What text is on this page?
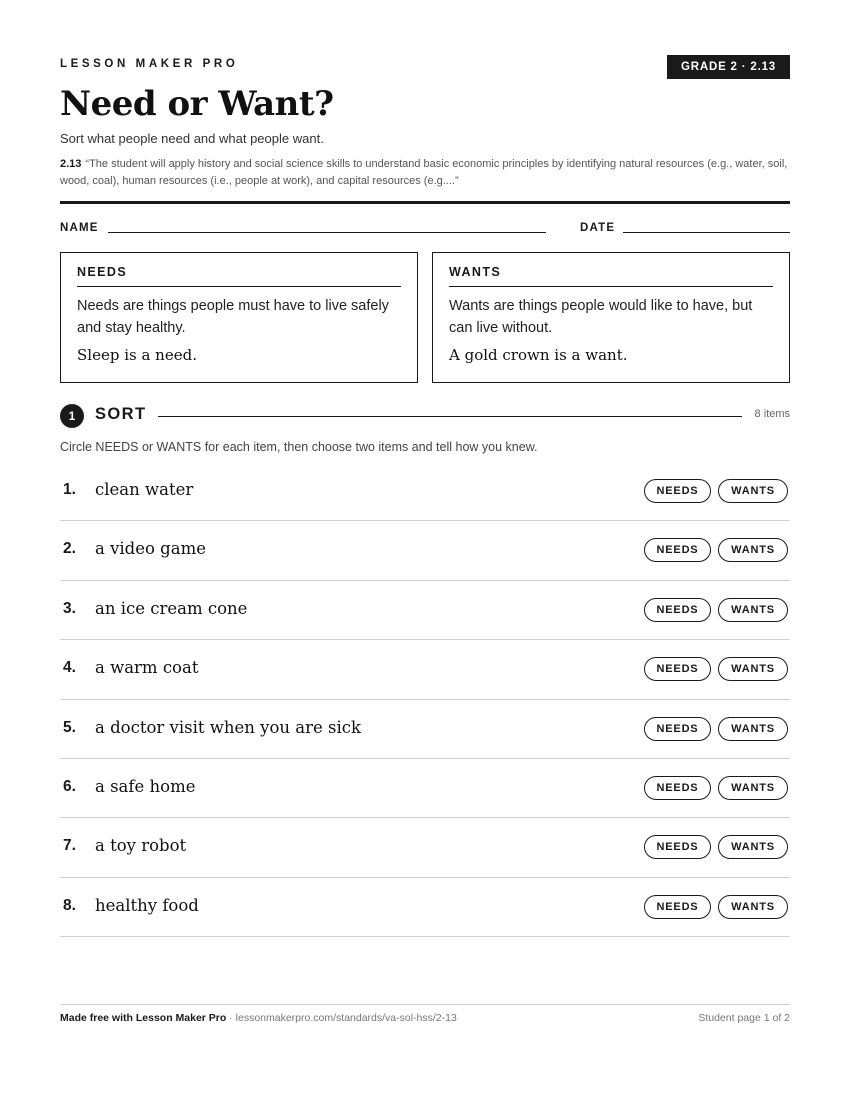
LESSON MAKER PRO	GRADE 2 · 2.13
Need or Want?
Sort what people need and what people want.
2.13 “The student will apply history and social science skills to understand basic economic principles by identifying natural resources (e.g., water, soil, wood, coal), human resources (i.e., people at work), and capital resources (e.g....”
NAME	DATE
NEEDS
Needs are things people must have to live safely and stay healthy.
Sleep is a need.
WANTS
Wants are things people would like to have, but can live without.
A gold crown is a want.
1	SORT	8 items
Circle NEEDS or WANTS for each item, then choose two items and tell how you knew.
1. clean water	NEEDS	WANTS
2. a video game	NEEDS	WANTS
3. an ice cream cone	NEEDS	WANTS
4. a warm coat	NEEDS	WANTS
5. a doctor visit when you are sick	NEEDS	WANTS
6. a safe home	NEEDS	WANTS
7. a toy robot	NEEDS	WANTS
8. healthy food	NEEDS	WANTS
Made free with Lesson Maker Pro · lessonmakerpro.com/standards/va-sol-hss/2-13	Student page 1 of 2
